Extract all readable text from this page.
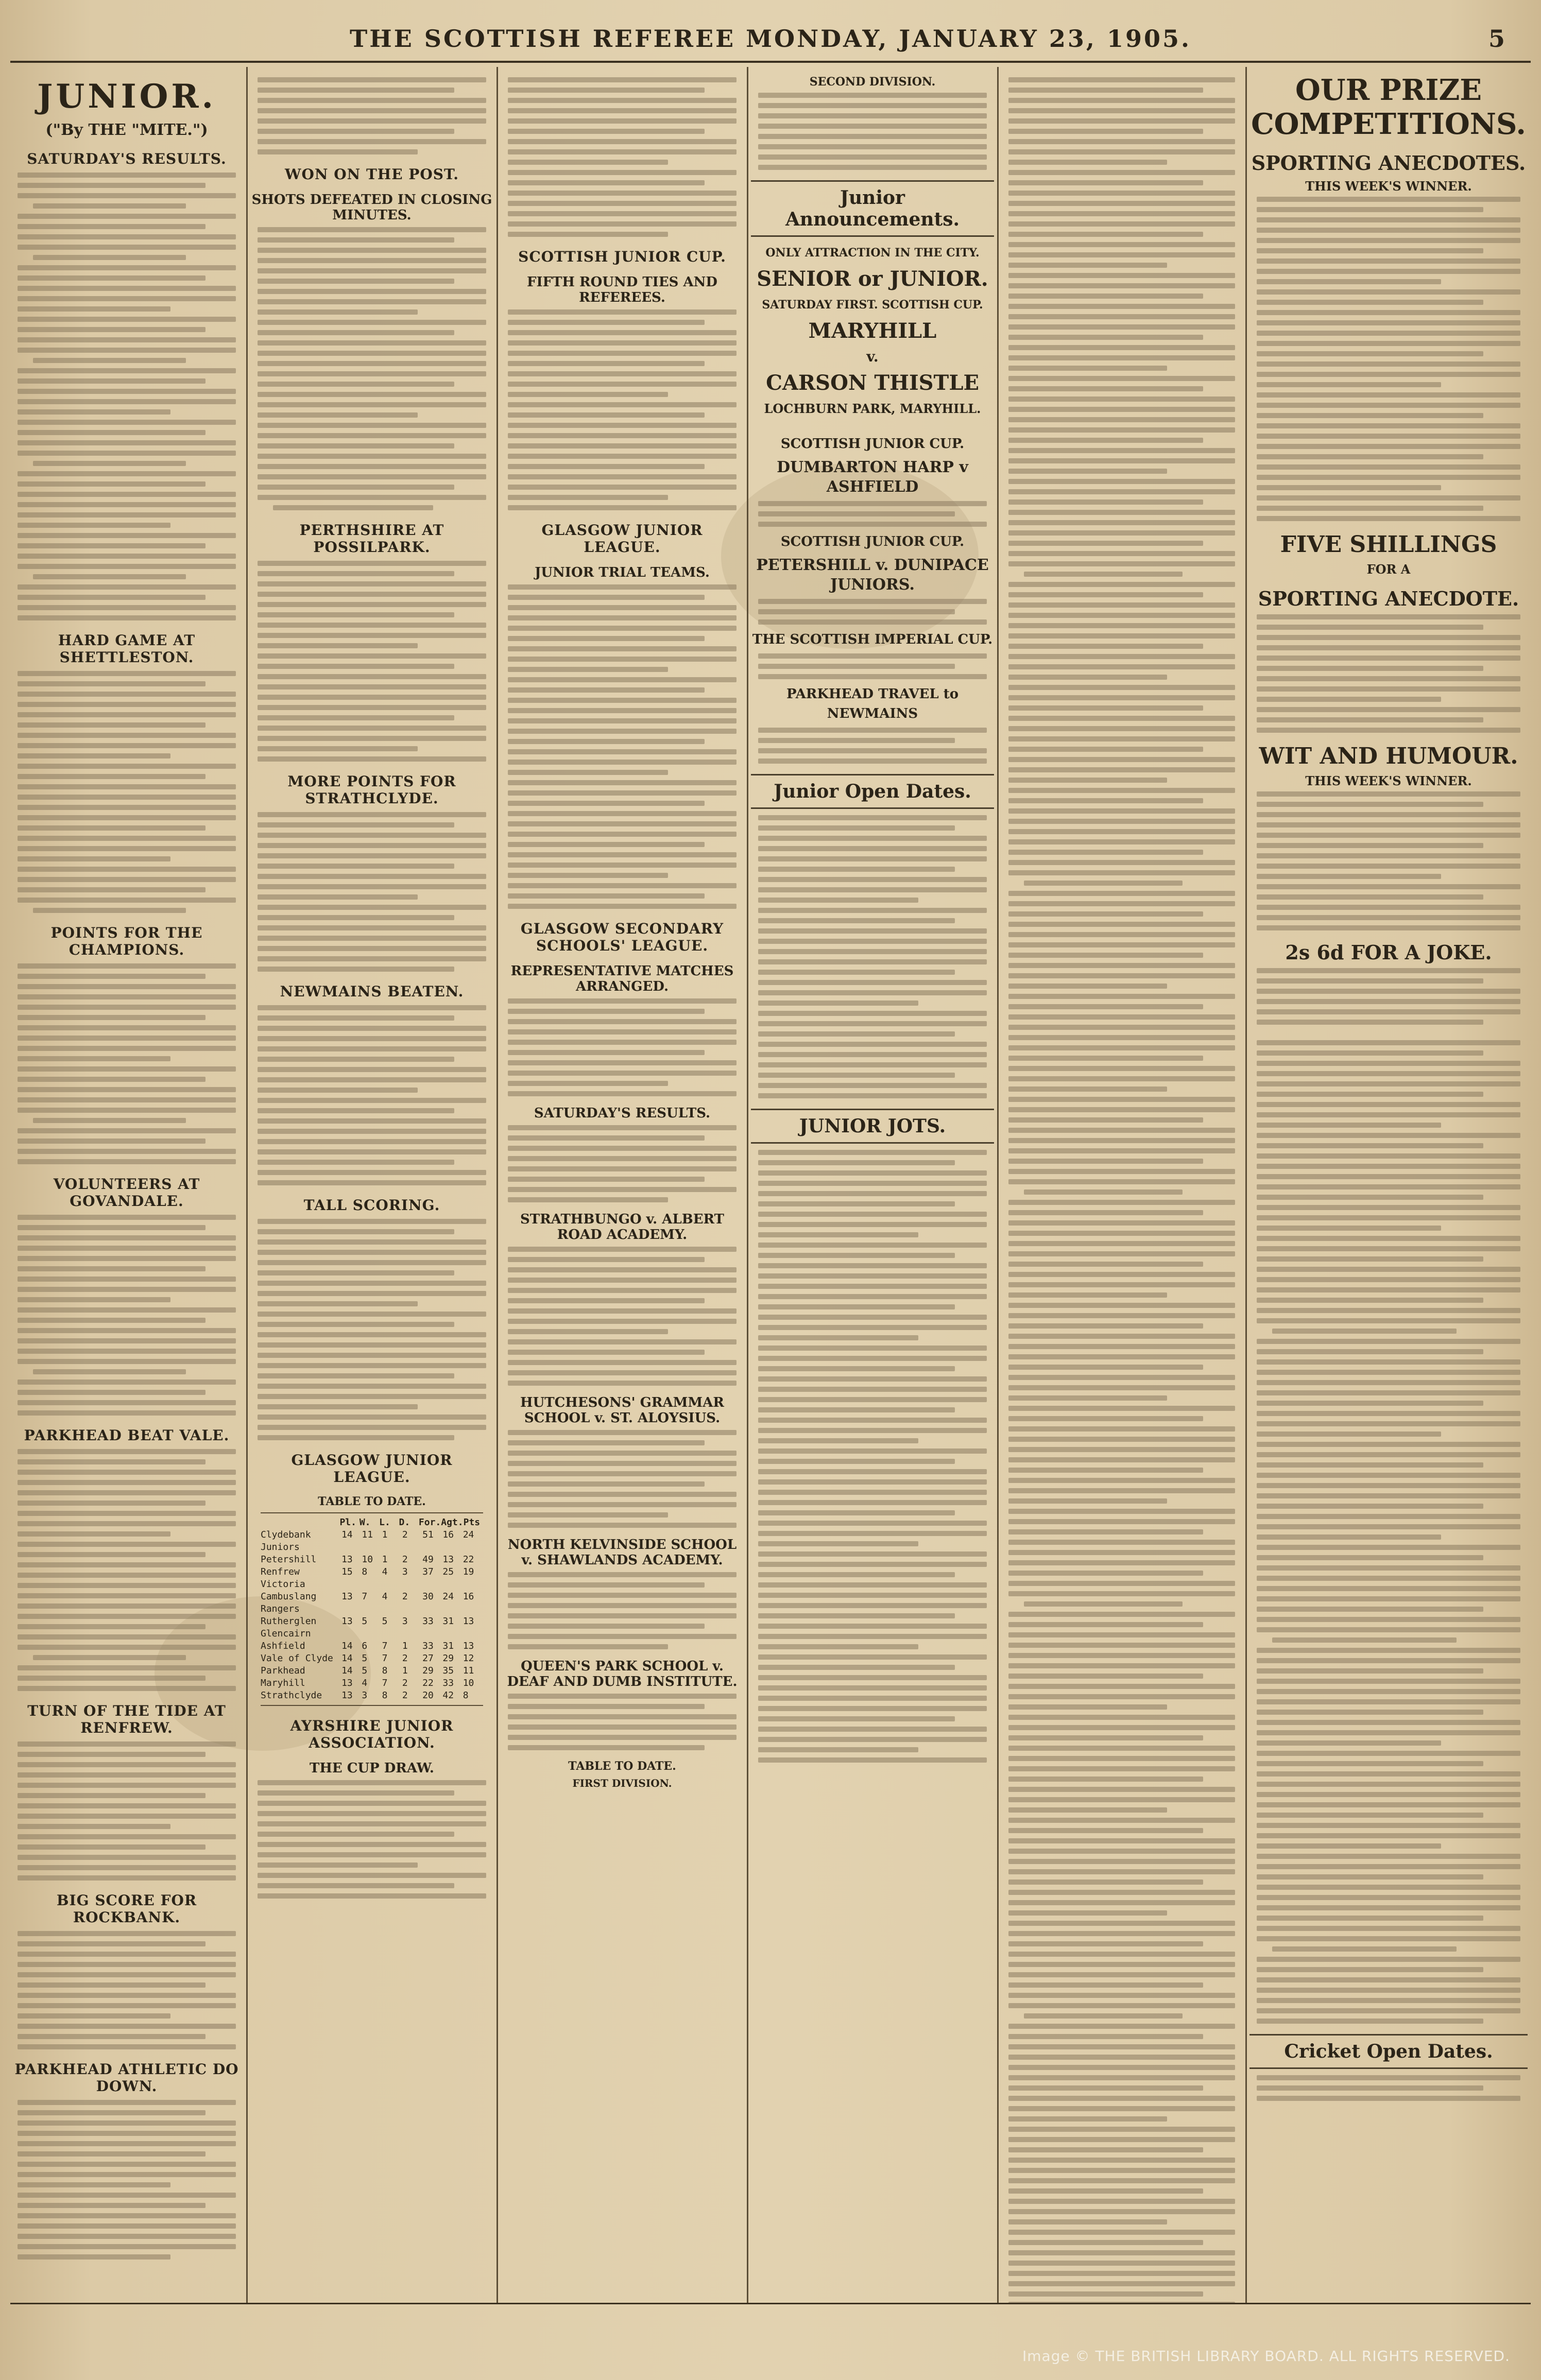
THE SCOTTISH REFEREE MONDAY, JANUARY 23, 1905.	5
JUNIOR.
("By THE "MITE.")
SATURDAY'S RESULTS.
HARD GAME AT SHETTLESTON.
POINTS FOR THE CHAMPIONS.
VOLUNTEERS AT GOVANDALE.
PARKHEAD BEAT VALE.
TURN OF THE TIDE AT RENFREW.
BIG SCORE FOR ROCKBANK.
PARKHEAD ATHLETIC DO DOWN.
WON ON THE POST.
SHOTS DEFEATED IN CLOSING MINUTES.
PERTHSHIRE AT POSSILPARK.
MORE POINTS FOR STRATHCLYDE.
NEWMAINS BEATEN.
TALL SCORING.
GLASGOW JUNIOR LEAGUE.
TABLE TO DATE.
Pl. W. L. D. For. Agt. Pts
Clydebank Juniors
14 11 1	2	51 16 24
Petershill	13 10 1	2	49 13 22
Renfrew Victoria
15 8	4	3	37 25 19
Cambuslang Rangers
13 7	4	2	30 24 16
Rutherglen Glencairn
13 5	5	3	33 31 13
Ashfield	14 6	7	1	33 31 13
Vale of Clyde 14 5	7	2	27 29 12
Parkhead	14 5	8	1	29 35 11
Maryhill	13 4	7	2	22 33 10
Strathclyde	13 3	8	2	20 42 8
AYRSHIRE JUNIOR ASSOCIATION.
THE CUP DRAW.
SCOTTISH JUNIOR CUP.
FIFTH ROUND TIES AND REFEREES.
GLASGOW JUNIOR LEAGUE.
JUNIOR TRIAL TEAMS.
GLASGOW SECONDARY SCHOOLS' LEAGUE.
REPRESENTATIVE MATCHES ARRANGED.
SATURDAY'S RESULTS.
STRATHBUNGO v. ALBERT ROAD ACADEMY.
HUTCHESONS' GRAMMAR SCHOOL v. ST. ALOYSIUS.
NORTH KELVINSIDE SCHOOL v. SHAWLANDS ACADEMY.
QUEEN'S PARK SCHOOL v. DEAF AND DUMB INSTITUTE.
TABLE TO DATE.
FIRST DIVISION.
SECOND DIVISION.
Junior Announcements.
ONLY ATTRACTION IN THE CITY.
SENIOR or JUNIOR.
SATURDAY FIRST. SCOTTISH CUP.
MARYHILL
v.
CARSON THISTLE
LOCHBURN PARK, MARYHILL.
SCOTTISH JUNIOR CUP.
DUMBARTON HARP v ASHFIELD
SCOTTISH JUNIOR CUP.
PETERSHILL v. DUNIPACE JUNIORS.
THE SCOTTISH IMPERIAL CUP.
PARKHEAD TRAVEL to NEWMAINS
Junior Open Dates.
JUNIOR JOTS.
OUR PRIZE COMPETITIONS.
SPORTING ANECDOTES.
THIS WEEK'S WINNER.
FIVE SHILLINGS
FOR A
SPORTING ANECDOTE.
WIT AND HUMOUR.
THIS WEEK'S WINNER.
2s 6d FOR A JOKE.
Cricket Open Dates.
Image © THE BRITISH LIBRARY BOARD. ALL RIGHTS RESERVED.
